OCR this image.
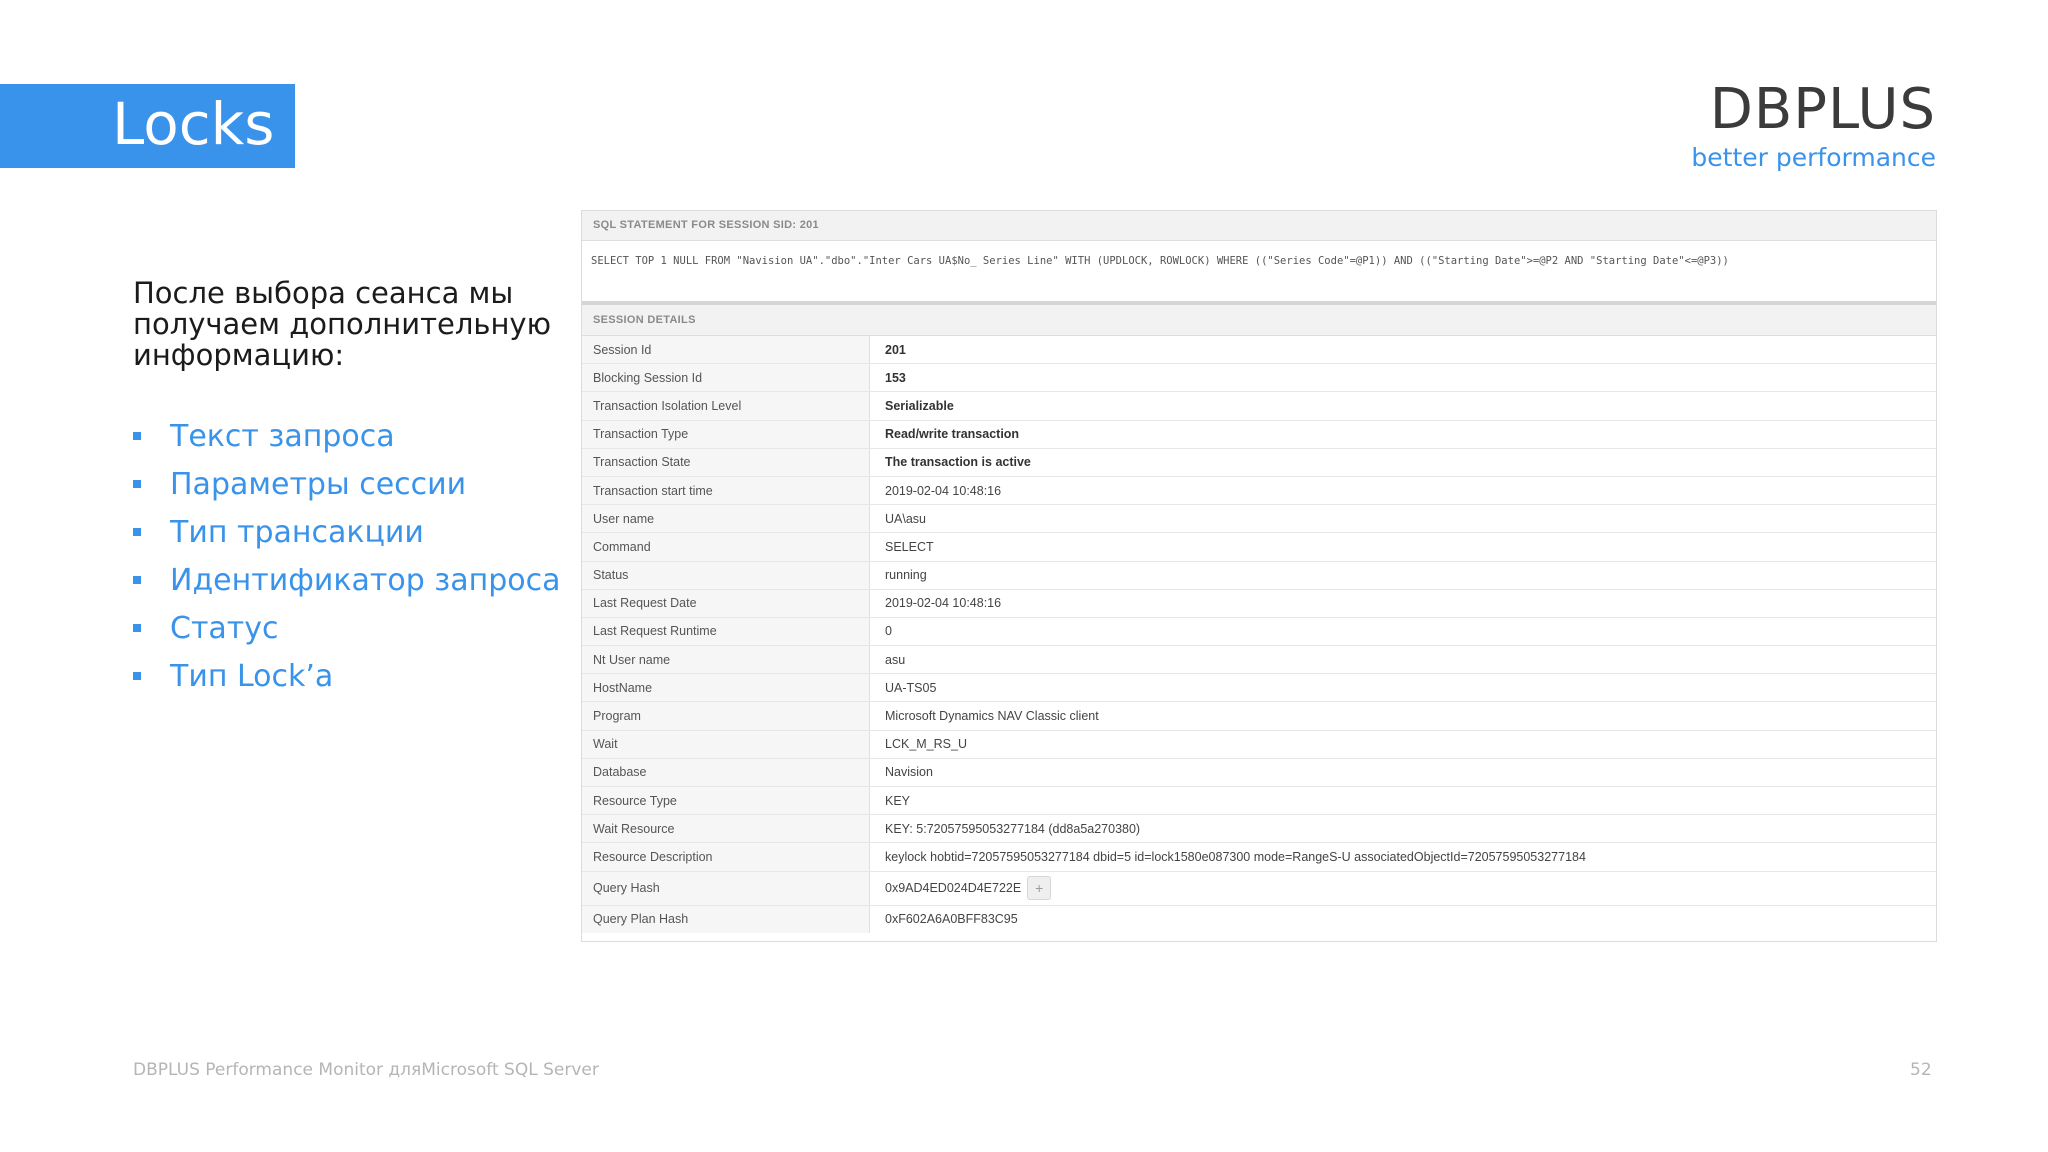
Locks	DBPLUS
better performance
После выбора сеанса мы получаем дополнительную информацию:
Текст запроса
Параметры сессии
Тип трансакции
Идентификатор запроса
Статус
Тип Lock’a
SQL STATEMENT FOR SESSION SID: 201
SELECT TOP 1 NULL FROM "Navision UA"."dbo"."Inter Cars UA$No_ Series Line" WITH (UPDLOCK, ROWLOCK) WHERE (("Series Code"=@P1)) AND (("Starting Date">=@P2 AND "Starting Date"<=@P3))
SESSION DETAILS
Session Id	201
Blocking Session Id	153
Transaction Isolation Level	Serializable
Transaction Type	Read/write transaction
Transaction State	The transaction is active
Transaction start time	2019-02-04 10:48:16
User name	UA\asu
Command	SELECT
Status	running
Last Request Date	2019-02-04 10:48:16
Last Request Runtime	0
Nt User name	asu
HostName	UA-TS05
Program	Microsoft Dynamics NAV Classic client
Wait	LCK_M_RS_U
Database	Navision
Resource Type	KEY
Wait Resource	KEY: 5:72057595053277184 (dd8a5a270380)
Resource Description	keylock hobtid=72057595053277184 dbid=5 id=lock1580e087300 mode=RangeS-U associatedObjectId=72057595053277184
Query Hash	0x9AD4ED024D4E722E +
Query Plan Hash	0xF602A6A0BFF83C95
DBPLUS Performance Monitor дляMicrosoft SQL Server	52
